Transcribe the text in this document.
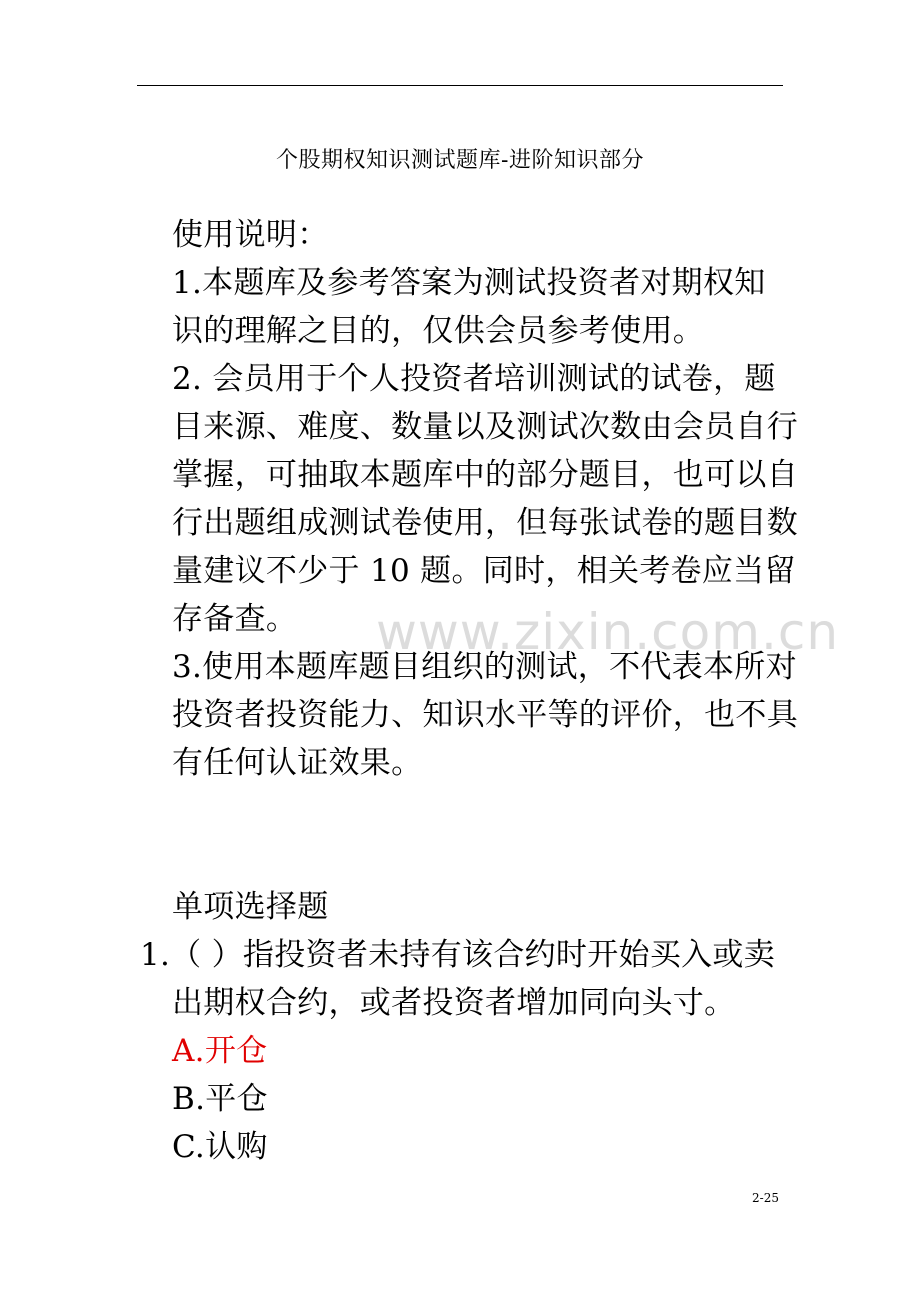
www.zixin.com.cn
个股期权知识测试题库-进阶知识部分
使用说明：
1.本题库及参考答案为测试投资者对期权知
识的理解之目的，仅供会员参考使用。
2. 会员用于个人投资者培训测试的试卷，题
目来源、难度、数量以及测试次数由会员自行
掌握，可抽取本题库中的部分题目，也可以自
行出题组成测试卷使用，但每张试卷的题目数
量建议不少于 10 题。同时，相关考卷应当留
存备查。
3.使用本题库题目组织的测试，不代表本所对
投资者投资能力、知识水平等的评价，也不具
有任何认证效果。
单项选择题
1.（ ）指投资者未持有该合约时开始买入或卖
出期权合约，或者投资者增加同向头寸。
A.开仓
B.平仓
C.认购
2-25
